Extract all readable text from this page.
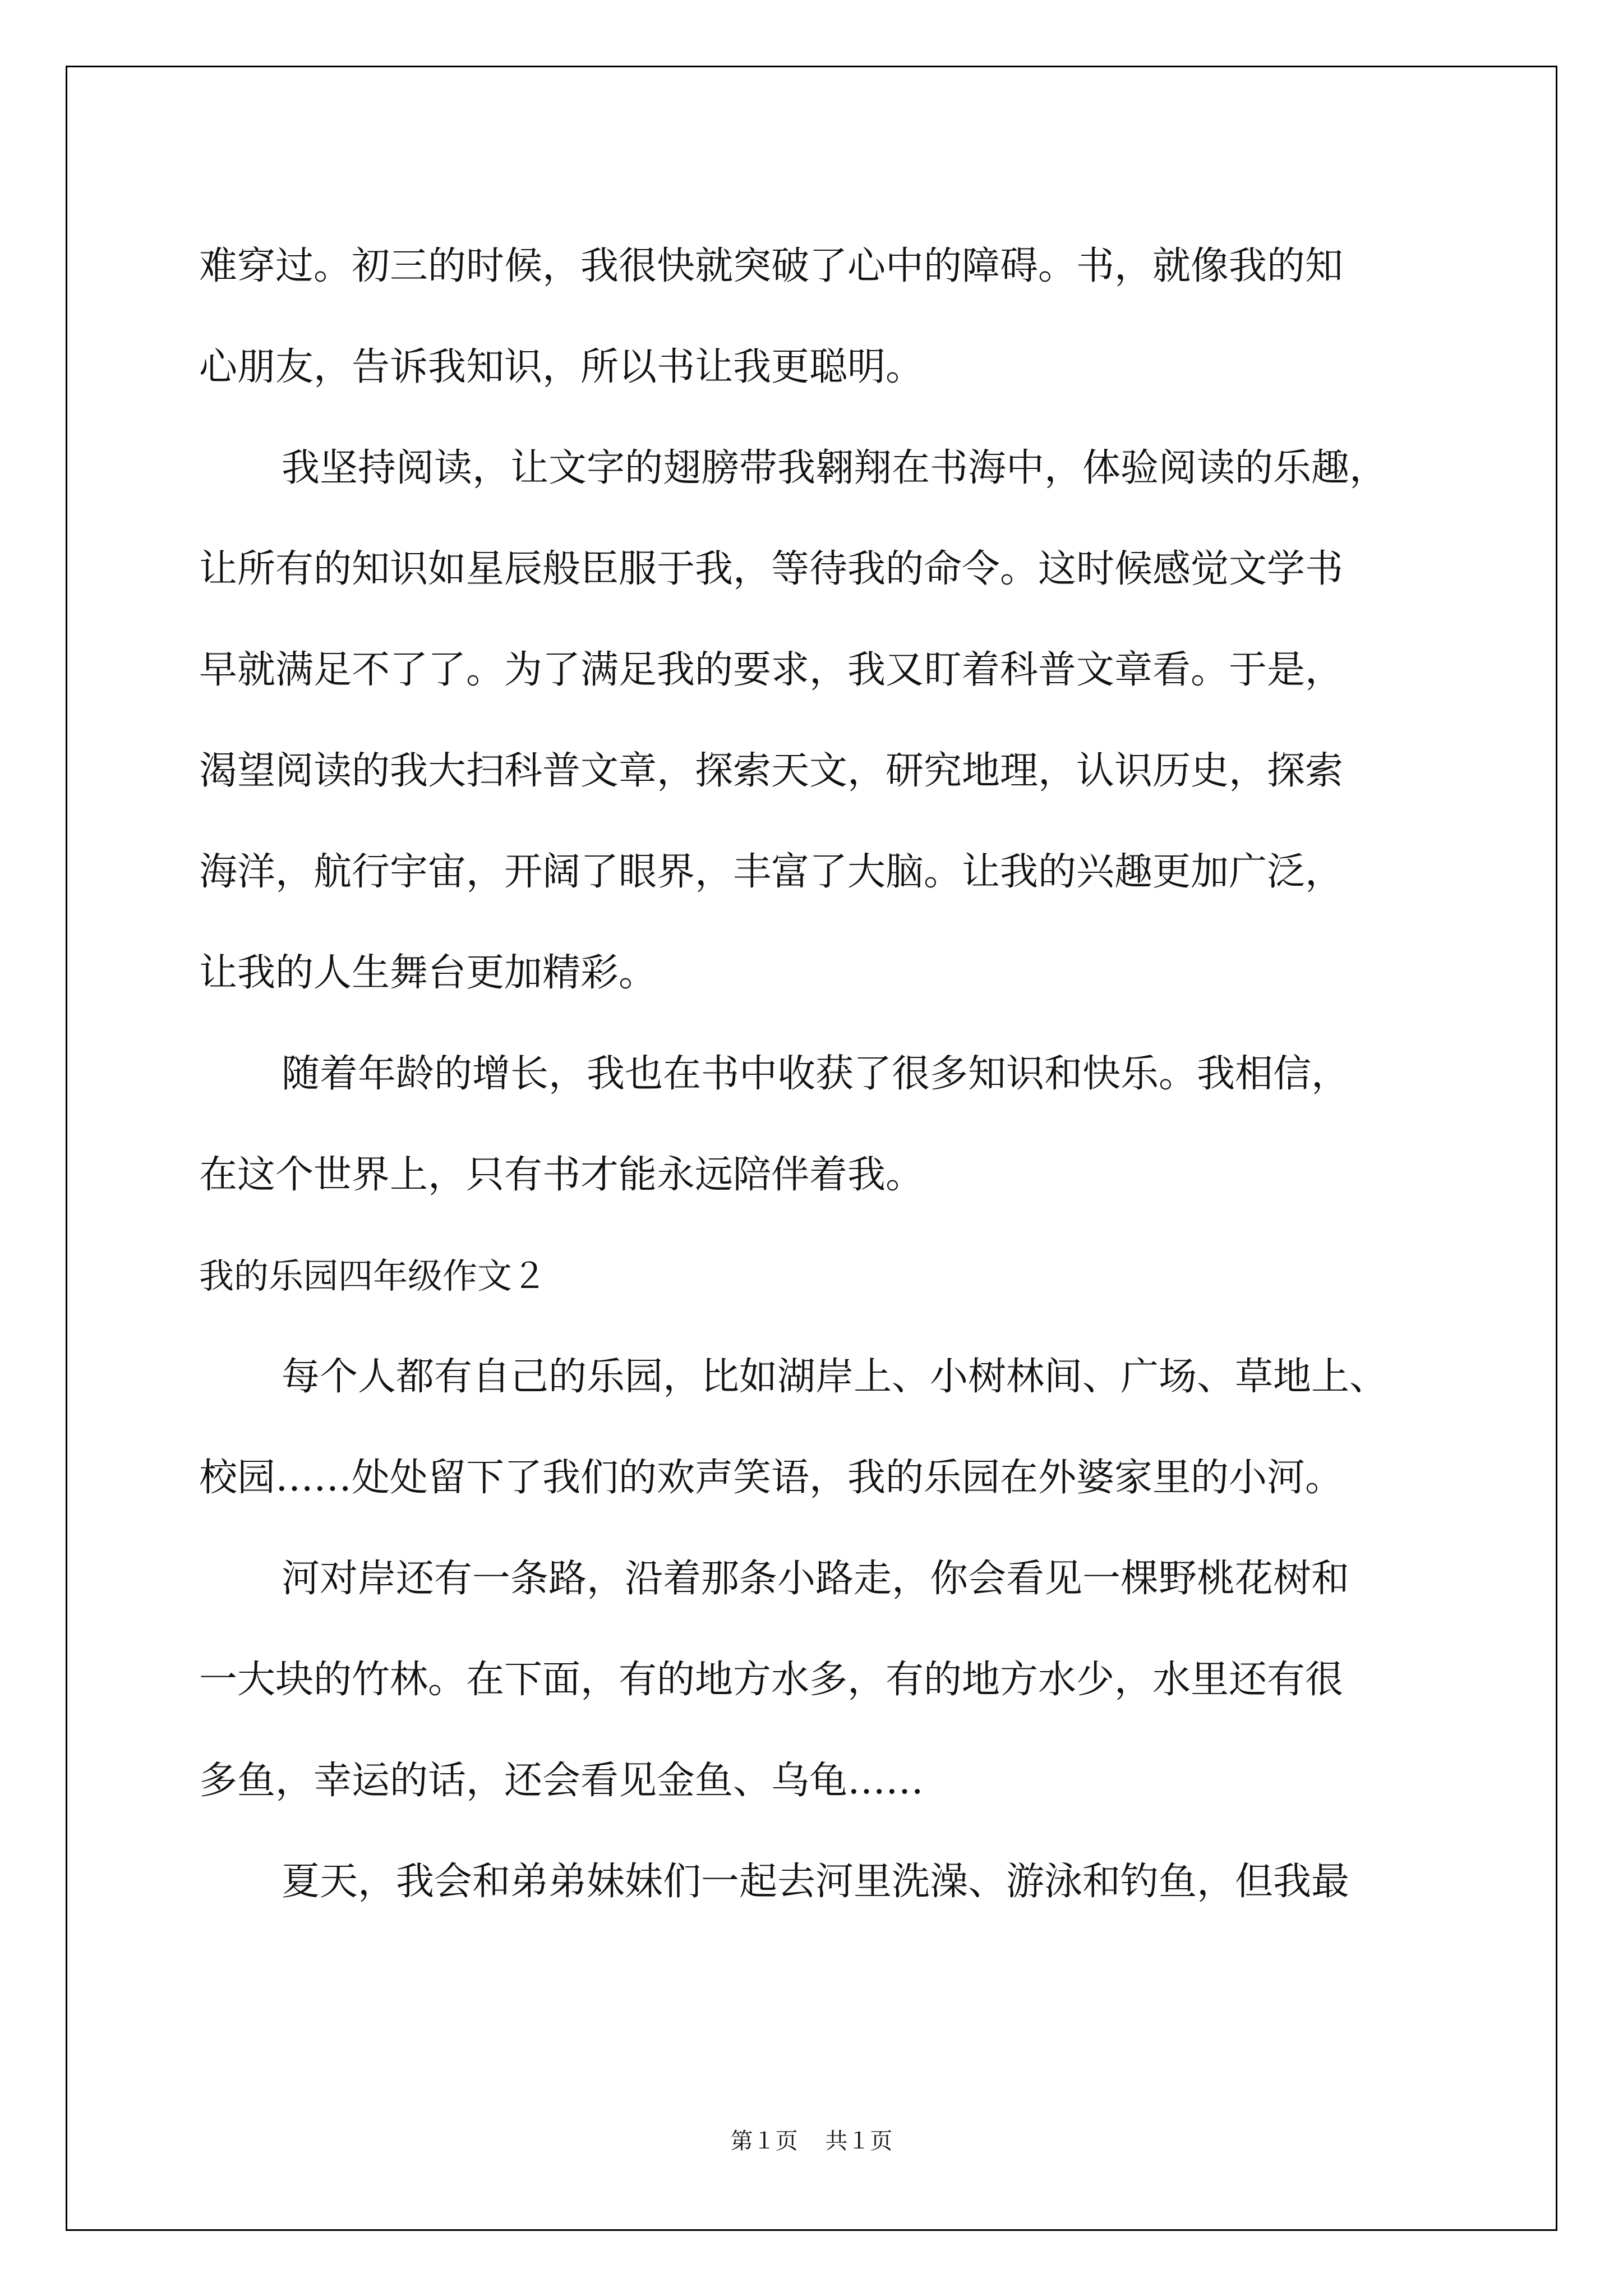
难穿过。初三的时候，我很快就突破了心中的障碍。书，就像我的知
心朋友，告诉我知识，所以书让我更聪明。
我坚持阅读，让文字的翅膀带我翱翔在书海中，体验阅读的乐趣，
让所有的知识如星辰般臣服于我，等待我的命令。这时候感觉文学书
早就满足不了了。为了满足我的要求，我又盯着科普文章看。于是，
渴望阅读的我大扫科普文章，探索天文，研究地理，认识历史，探索
海洋，航行宇宙，开阔了眼界，丰富了大脑。让我的兴趣更加广泛，
让我的人生舞台更加精彩。
随着年龄的增长，我也在书中收获了很多知识和快乐。我相信，
在这个世界上，只有书才能永远陪伴着我。
我的乐园四年级作文２
每个人都有自己的乐园，比如湖岸上、小树林间、广场、草地上、
校园……处处留下了我们的欢声笑语，我的乐园在外婆家里的小河。
河对岸还有一条路，沿着那条小路走，你会看见一棵野桃花树和
一大块的竹林。在下面，有的地方水多，有的地方水少，水里还有很
多鱼，幸运的话，还会看见金鱼、乌龟……
夏天，我会和弟弟妹妹们一起去河里洗澡、游泳和钓鱼，但我最
第１页 共１页
